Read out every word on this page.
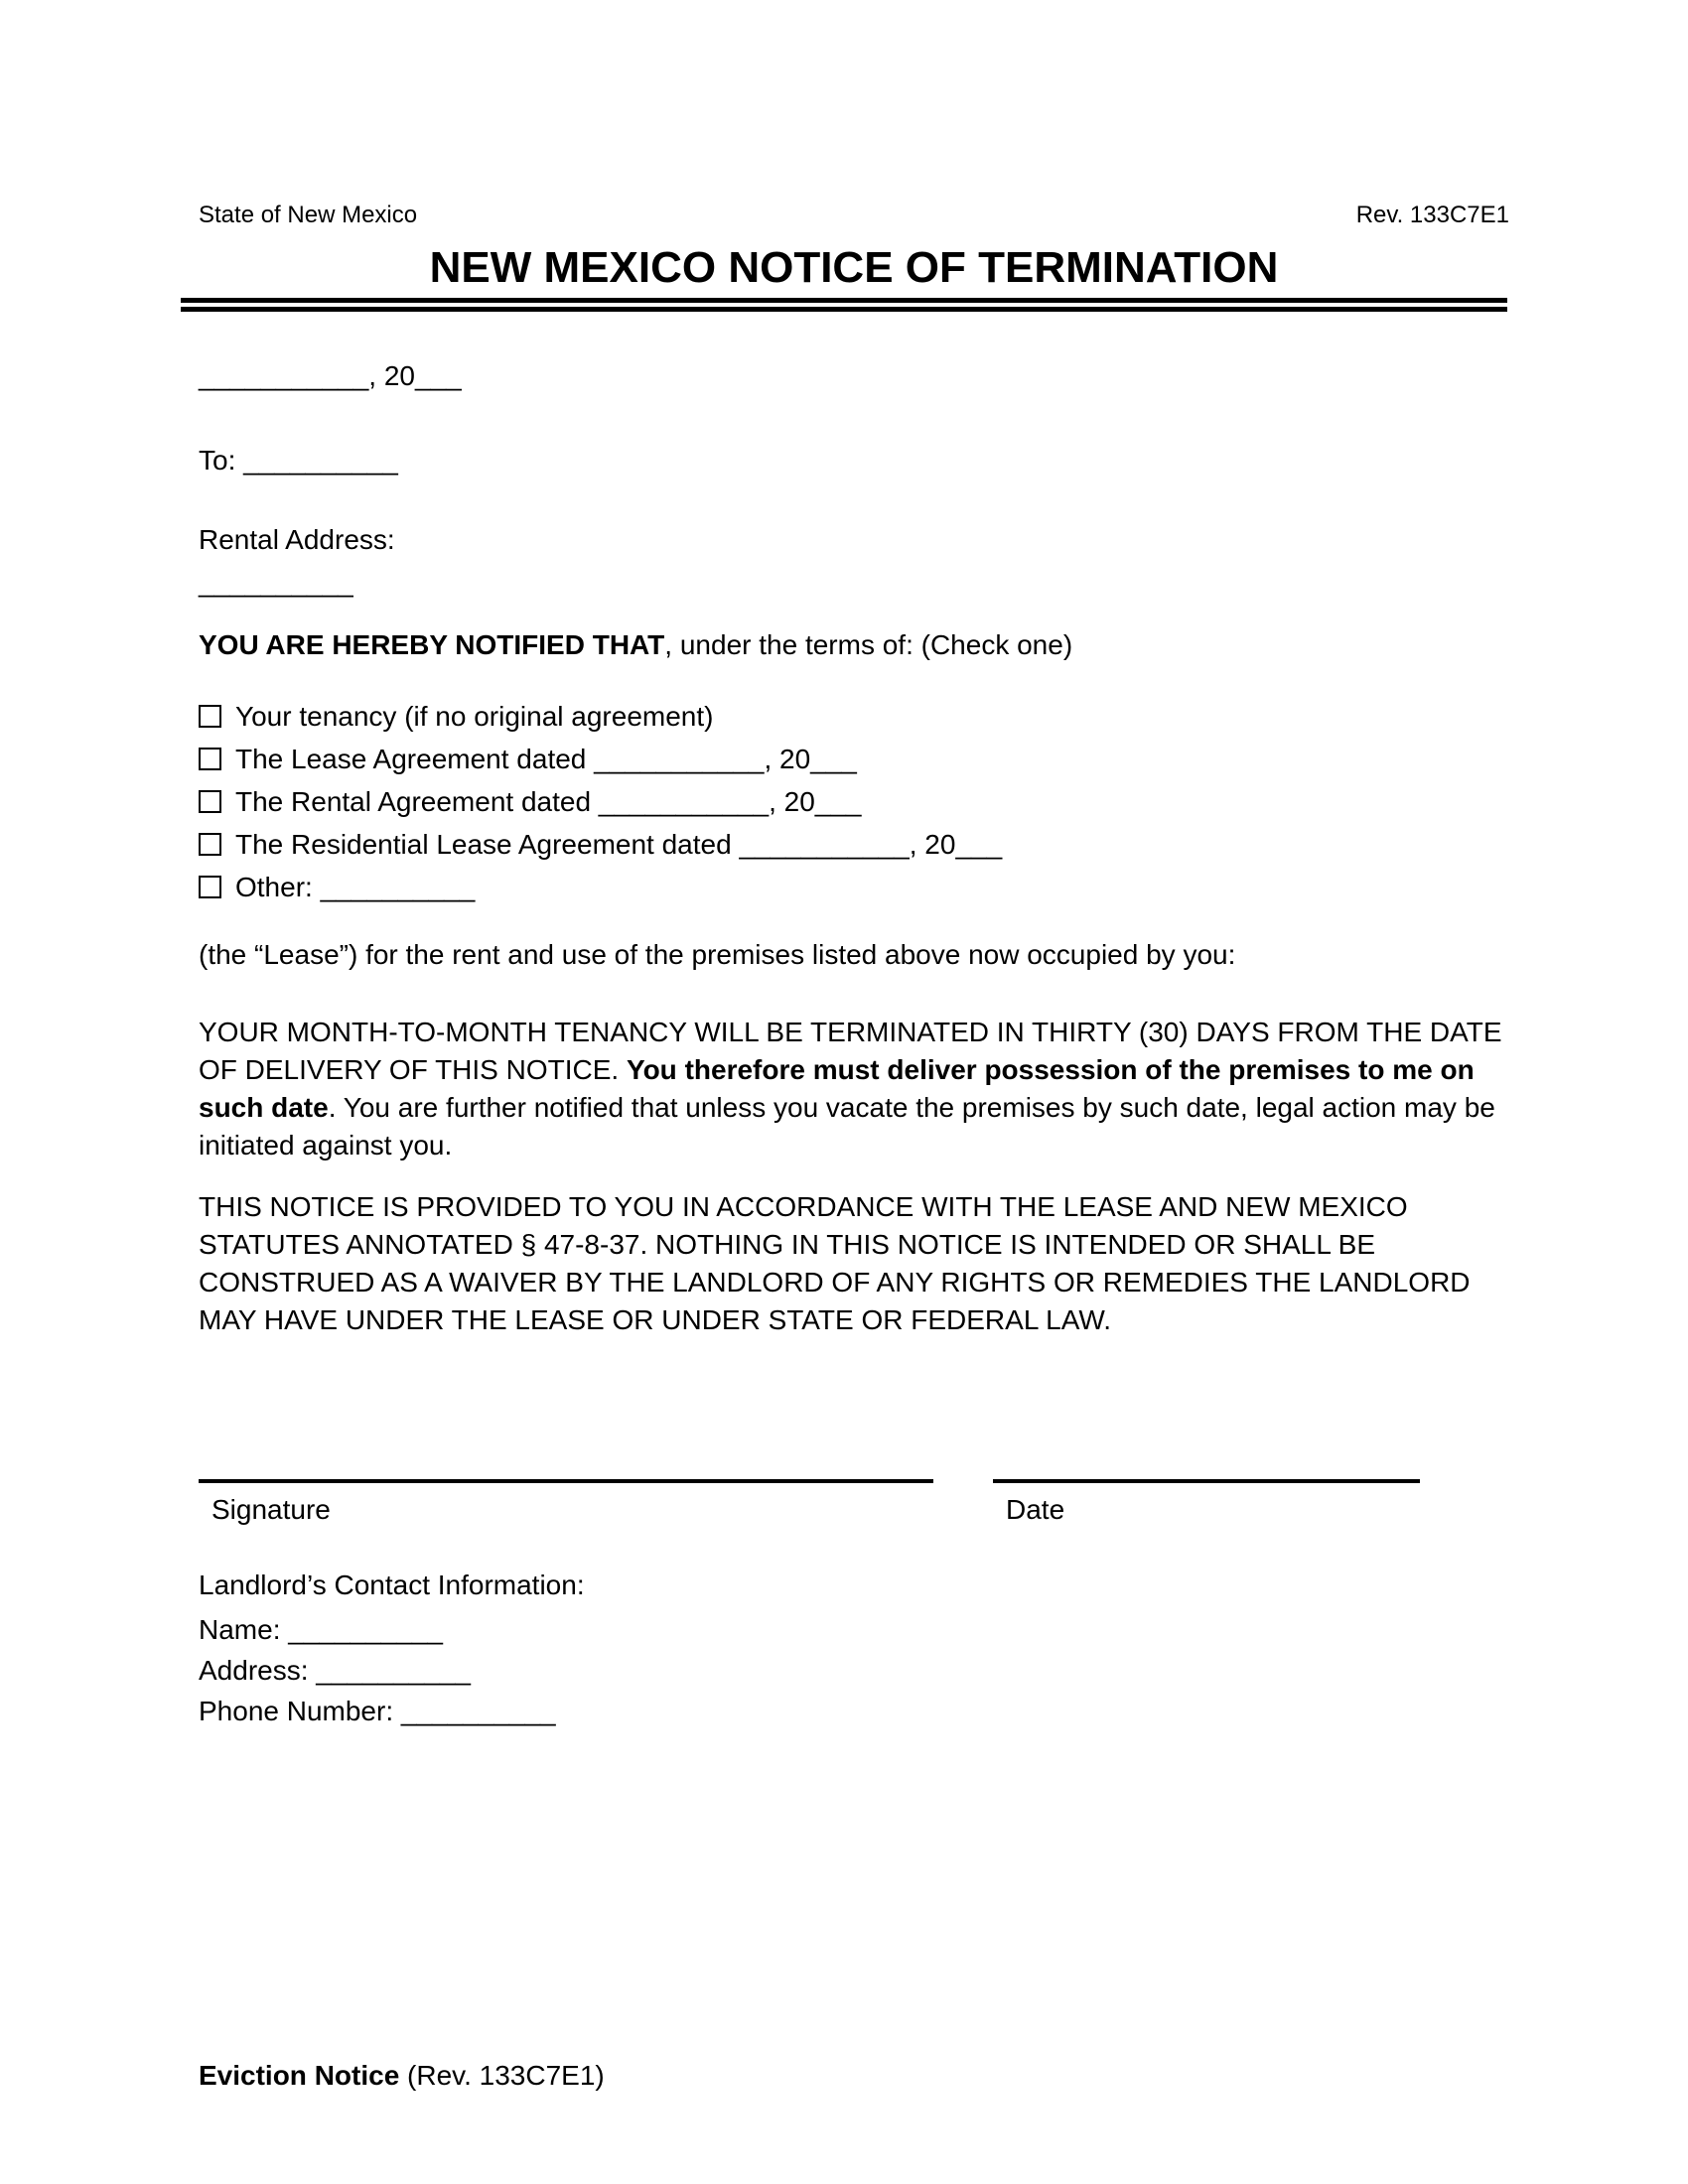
State of New Mexico	Rev. 133C7E1
NEW MEXICO NOTICE OF TERMINATION
___________, 20___
To: __________
Rental Address:
__________
YOU ARE HEREBY NOTIFIED THAT, under the terms of: (Check one)
Your tenancy (if no original agreement)
The Lease Agreement dated ___________, 20___
The Rental Agreement dated ___________, 20___
The Residential Lease Agreement dated ___________, 20___
Other: __________
(the “Lease”) for the rent and use of the premises listed above now occupied by you:
YOUR MONTH-TO-MONTH TENANCY WILL BE TERMINATED IN THIRTY (30) DAYS FROM THE DATE OF DELIVERY OF THIS NOTICE. You therefore must deliver possession of the premises to me on such date. You are further notified that unless you vacate the premises by such date, legal action may be initiated against you.
THIS NOTICE IS PROVIDED TO YOU IN ACCORDANCE WITH THE LEASE AND NEW MEXICO STATUTES ANNOTATED § 47-8-37. NOTHING IN THIS NOTICE IS INTENDED OR SHALL BE CONSTRUED AS A WAIVER BY THE LANDLORD OF ANY RIGHTS OR REMEDIES THE LANDLORD MAY HAVE UNDER THE LEASE OR UNDER STATE OR FEDERAL LAW.
Signature	Date
Landlord’s Contact Information:
Name: __________
Address: __________
Phone Number: __________
Eviction Notice (Rev. 133C7E1)
